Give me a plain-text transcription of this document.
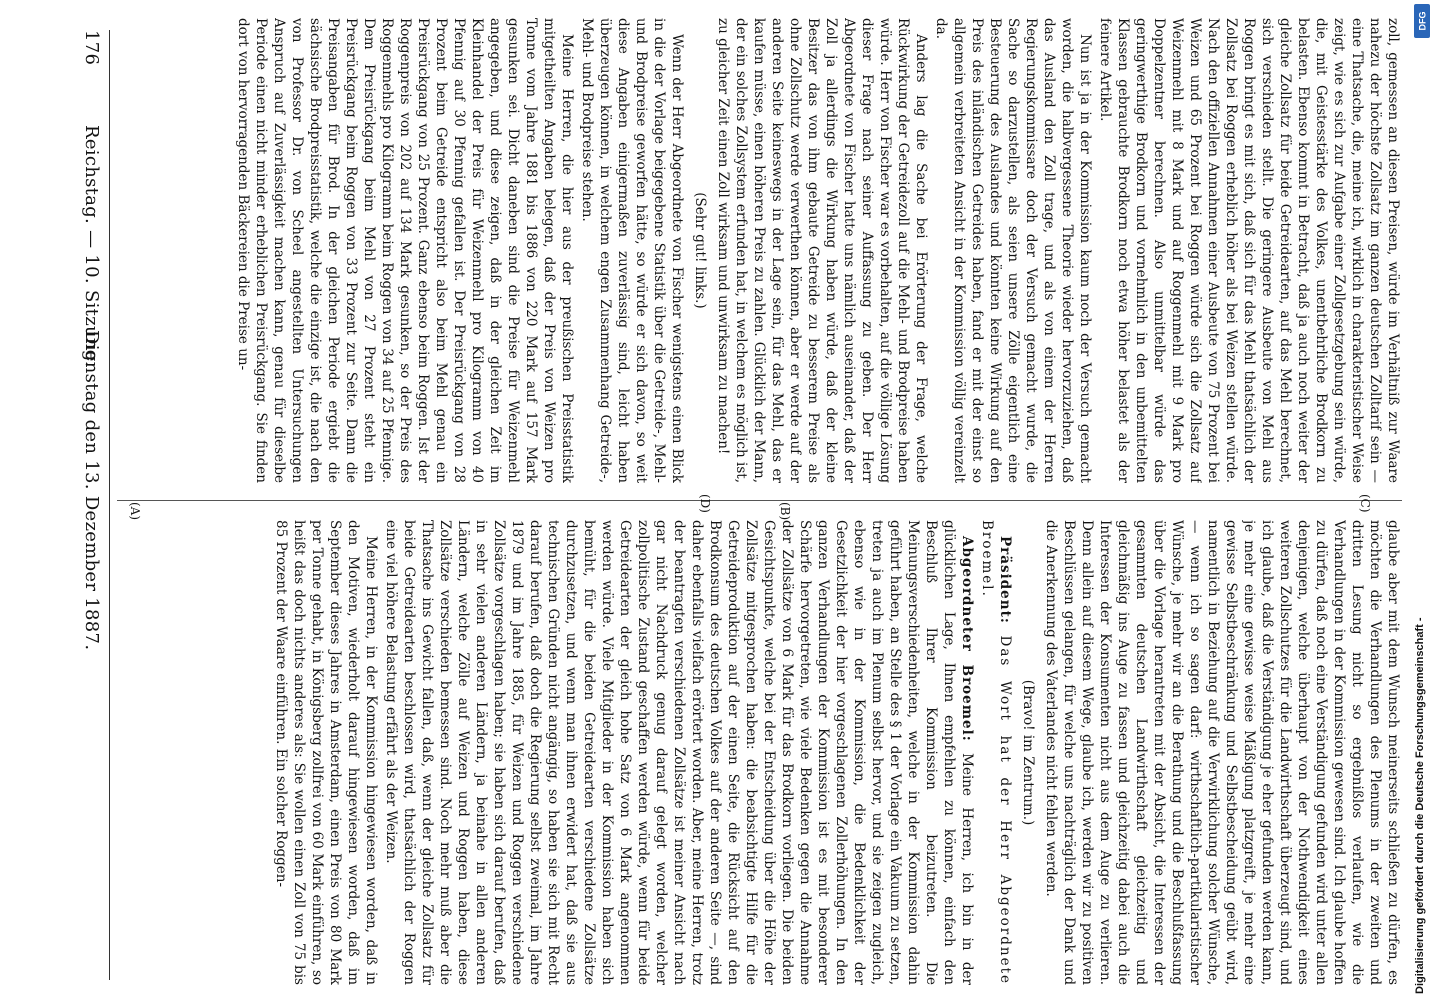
176
Reichstag. — 10. Sitzung.
Dienstag den 13. Dezember 1887.	(C)
(D)

glaube aber mit dem Wunsch meinerseits schließen zu dürfen, es möchten die Verhandlungen des Plenums in der zweiten und dritten Lesung nicht so ergebnißlos verlaufen, wie die Verhandlungen in der Kommission gewesen sind. Ich glaube hoffen zu dürfen, daß noch eine Verständigung gefunden wird unter allen denjenigen, welche überhaupt von der Nothwendigkeit eines weiteren Zollschutzes für die Landwirthschaft überzeugt sind, und ich glaube, daß die Verständigung je eher gefunden werden kann, je mehr eine gewisse weise Mäßigung platzgreift, je mehr eine gewisse Selbstbeschränkung und Selbstbescheidung geübt wird, namentlich in Beziehung auf die Verwirklichung solcher Wünsche, — wenn ich so sagen darf: wirthschaftlich-partikularistischer Wünsche, je mehr wir an die Berathung und die Beschlußfassung über die Vorlage herantreten mit der Absicht, die Interessen der gesammten deutschen Landwirthschaft gleichzeitig und gleichmäßig ins Auge zu fassen und gleichzeitig dabei auch die Interessen der Konsumenten nicht aus dem Auge zu verlieren. Denn allein auf diesem Wege, glaube ich, werden wir zu positiven Beschlüssen gelangen, für welche uns nachträglich der Dank und die Anerkennung des Vaterlandes nicht fehlen werden.

(Bravo! im Zentrum.)

Präsident: Das Wort hat der Herr Abgeordnete Broemel.

Abgeordneter Broemel: Meine Herren, ich bin in der glücklichen Lage, Ihnen empfehlen zu können, einfach den Beschluß Ihrer Kommission beizutreten. Die Meinungsverschiedenheiten, welche in der Kommission dahin geführt haben, an Stelle des § 1 der Vorlage ein Vakuum zu setzen, treten ja auch im Plenum selbst hervor, und sie zeigen zugleich, ebenso wie in der Kommission, die Bedenklichkeit der Gesetzlichkeit der hier vorgeschlagenen Zollerhöhungen. In den ganzen Verhandlungen der Kommission ist es mit besonderer Schärfe hervorgetreten, wie viele Bedenken gegen die Annahme der Zollsätze von 6 Mark für das Brodkorn vorliegen. Die beiden Gesichtspunkte, welche bei der Entscheidung über die Höhe der Zollsätze mitgesprochen haben: die beabsichtigte Hilfe für die Getreideproduktion auf der einen Seite, die Rücksicht auf den Brodkonsum des deutschen Volkes auf der anderen Seite —, sind daher ebenfalls vielfach erörtert worden. Aber, meine Herren, trotz der beantragten verschiedenen Zollsätze ist meiner Ansicht nach gar nicht Nachdruck genug darauf gelegt worden, welcher zollpolitische Zustand geschaffen werden würde, wenn für beide Getreidearten der gleich hohe Satz von 6 Mark angenommen werden würde. Viele Mitglieder in der Kommission haben sich bemüht, für die beiden Getreidearten verschiedene Zollsätze durchzusetzen, und wenn man ihnen erwidert hat, daß sie aus technischen Gründen nicht angängig, so haben sie sich mit Recht darauf berufen, daß doch die Regierung selbst zweimal, im Jahre 1879 und im Jahre 1885, für Weizen und Roggen verschiedene Zollsätze vorgeschlagen haben; sie haben sich darauf berufen, daß in sehr vielen anderen Ländern, ja beinahe in allen anderen Ländern, welche Zölle auf Weizen und Roggen haben, diese Zollsätze verschieden bemessen sind. Noch mehr muß aber die Thatsache ins Gewicht fallen, daß, wenn der gleiche Zollsatz für beide Getreidearten beschlossen wird, thatsächlich der Roggen eine viel höhere Belastung erfährt als der Weizen.

Meine Herren, in der Kommission hingewiesen worden, daß in den Motiven, wiederholt darauf hingewiesen worden, daß im September dieses Jahres in Amsterdam, einen Preis von 80 Mark per Tonne gehabt, in Königsberg zollfrei von 60 Mark einführen, so heißt das doch nichts anderes als: Sie wollen einen Zoll von 75 bis 85 Prozent der Waare einführen. Ein solcher Roggen-

zoll, gemessen an diesen Preisen, würde im Verhältniß zur Waare nahezu der höchste Zollsatz im ganzen deutschen Zolltarif sein — eine Thatsache, die, meine ich, wirklich in charakteristischer Weise zeigt, wie es sich zur Aufgabe einer Zollgesetzgebung sein würde, die, mit Geistesstärke des Volkes, unentbehrliche Brodkorn zu belasten. Ebenso kommt in Betracht, daß ja auch noch weiter der gleiche Zollsatz für beide Getreidearten, auf das Mehl berechnet, sich verschieden stellt. Die geringere Ausbeute von Mehl aus Roggen bringt es mit sich, daß sich für das Mehl thatsächlich der Zollsatz bei Roggen erheblich höher als bei Weizen stellen würde. Nach den offiziellen Annahmen einer Ausbeute von 75 Prozent bei Weizen und 65 Prozent bei Roggen würde sich die Zollsatz auf Weizenmehl mit 8 Mark und auf Roggenmehl mit 9 Mark pro Doppelzentner berechnen. Also unmittelbar würde das geringwerthige Brodkorn und vornehmlich in den unbemittelten Klassen gebrauchte Brodkorn noch etwa höher belastet als der feinere Artikel.

Nun ist ja in der Kommission kaum noch der Versuch gemacht worden, die halbvergessene Theorie wieder hervorzuziehen, daß das Ausland den Zoll trage, und als von einem der Herren Regierungskommissare doch der Versuch gemacht wurde, die Sache so darzustellen, als seien unsere Zölle eigentlich eine Besteuerung des Auslandes und könnten keine Wirkung auf den Preis des inländischen Getreides haben, fand er mit der einst so allgemein verbreiteten Ansicht in der Kommission völlig vereinzelt da.

Anders lag die Sache bei Erörterung der Frage, welche Rückwirkung der Getreidezoll auf die Mehl- und Brodpreise haben würde. Herr von Fischer war es vorbehalten, auf die völlige Lösung dieser Frage nach seiner Auffassung zu geben. Der Herr Abgeordnete von Fischer hatte uns nämlich auseinander, daß der Zoll ja allerdings die Wirkung haben würde, daß der kleine Besitzer das von ihm gebaute Getreide zu besserem Preise als ohne Zollschutz werde verwerthen können, aber er werde auf der anderen Seite keineswegs in der Lage sein, für das Mehl, das er kaufen müsse, einen höheren Preis zu zahlen. Glücklich der Mann, der ein solches Zollsystem erfunden hat, in welchem es möglich ist, zu gleicher Zeit einen Zoll wirksam und unwirksam zu machen!

(Sehr gut! links.)

Wenn der Herr Abgeordnete von Fischer wenigstens einen Blick in die der Vorlage beigegebene Statistik über die Getreide-, Mehl- und Brodpreise geworfen hätte, so würde er sich davon, so weit diese Angaben einigermaßen zuverlässig sind, leicht haben überzeugen können, in welchem engen Zusammenhang Getreide-, Mehl- und Brodpreise stehen.

Meine Herren, die hier aus der preußischen Preisstatistik mitgetheilten Angaben belegen, daß der Preis von Weizen pro Tonne vom Jahre 1881 bis 1886 von 220 Mark auf 157 Mark gesunken sei. Dicht daneben sind die Preise für Weizenmehl angegeben, und diese zeigen, daß in der gleichen Zeit im Kleinhandel der Preis für Weizenmehl pro Kilogramm von 40 Pfennig auf 30 Pfennig gefallen ist. Der Preisrückgang von 28 Prozent beim Getreide entspricht also beim Mehl genau ein Preisrückgang von 25 Prozent. Ganz ebenso beim Roggen. Ist der Roggenpreis von 202 auf 134 Mark gesunken, so der Preis des Roggenmehls pro Kilogramm beim Roggen von 34 auf 25 Pfennige. Dem Preisrückgang beim Mehl von 27 Prozent steht ein Preisrückgang beim Roggen von 33 Prozent zur Seite. Dann die Preisangaben für Brod. In der gleichen Periode ergiebt die sächsische Brodpreisstatistik, welche die einzige ist, die nach den von Professor Dr. von Scheel angestellten Untersuchungen Anspruch auf Zuverlässigkeit machen kann, genau für dieselbe Periode einen nicht minder erheblichen Preisrückgang. Sie finden dort von hervorragenden Bäckereien die Preise un-

(A)	(B)
Digitalisierung gefördert durch die Deutsche Forschungsgemeinschaft -
DFG
